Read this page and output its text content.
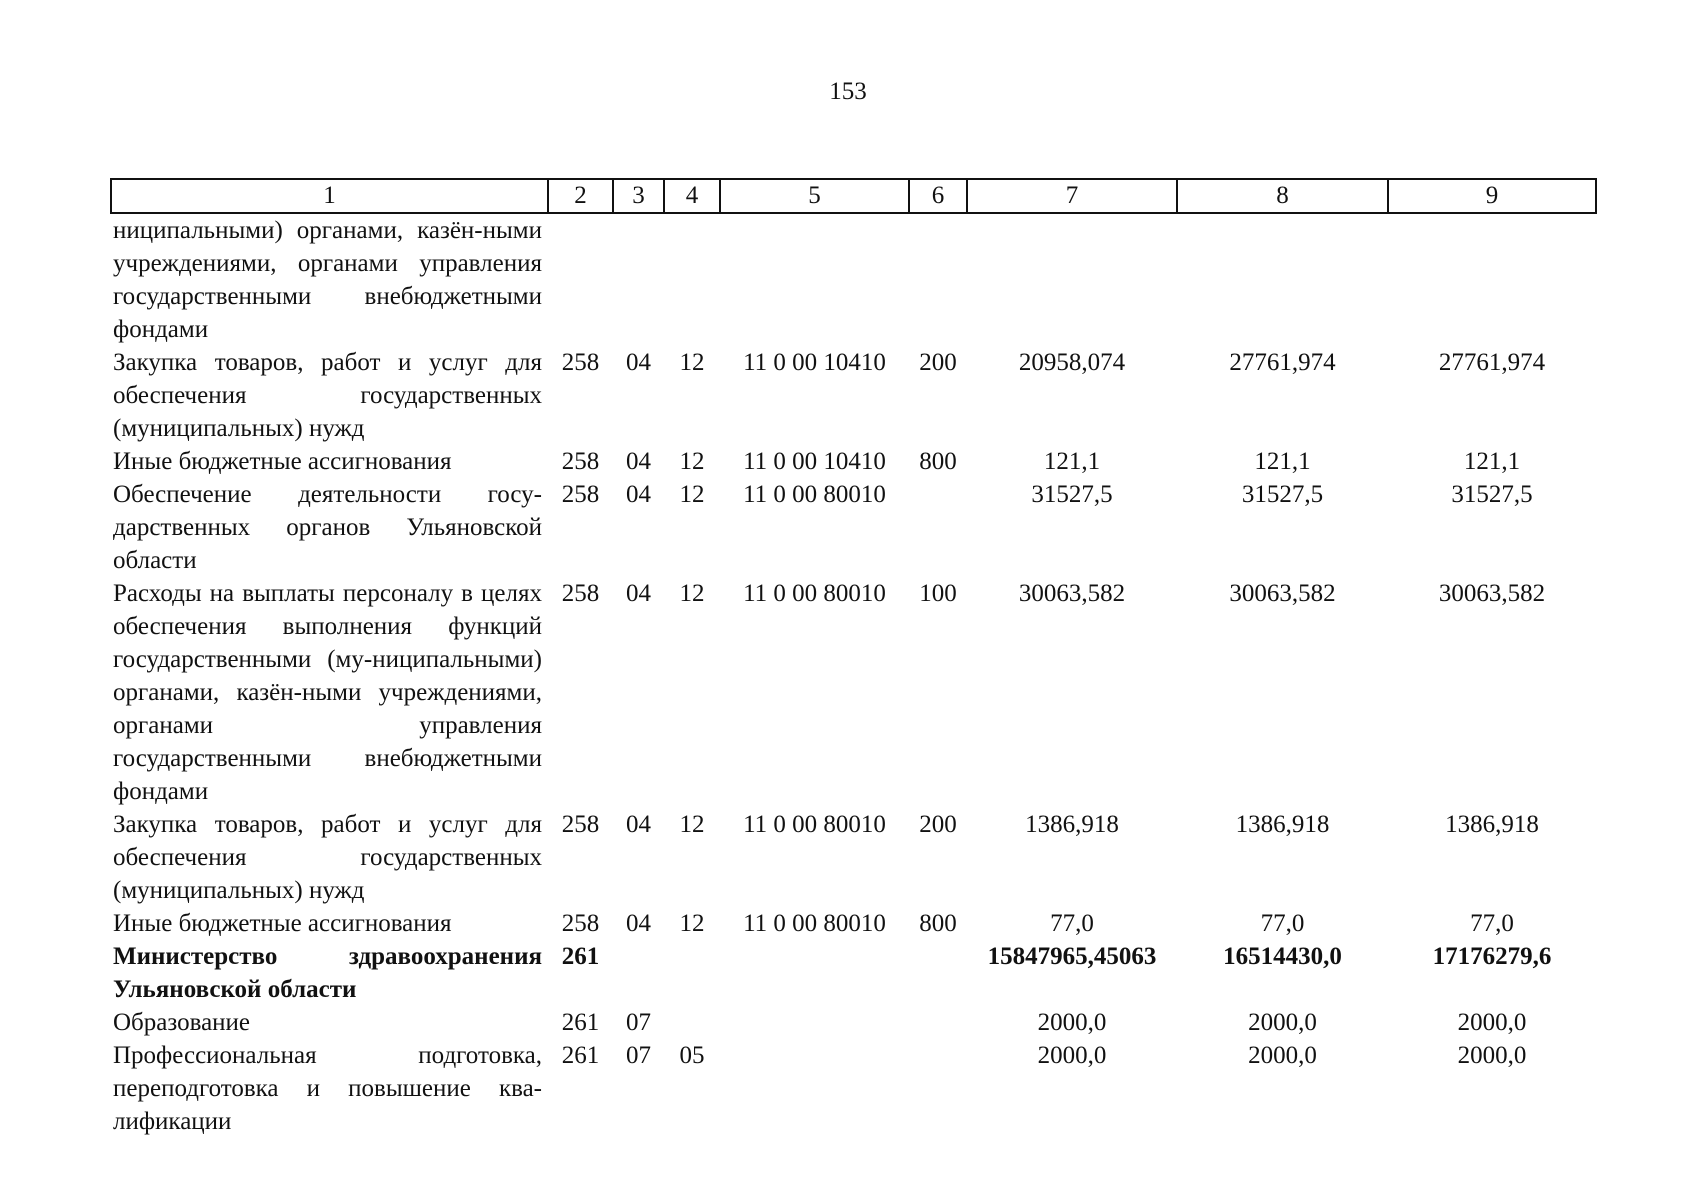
153
1	2	3	4	5	6	7	8	9
ниципальными) органами, казён-ными учреждениями, органами управления государственными внебюджетными фондами								
Закупка товаров, работ и услуг для обеспечения государственных (муниципальных) нужд	258	04	12	11 0 00 10410	200	20958,074	27761,974	27761,974
Иные бюджетные ассигнования	258	04	12	11 0 00 10410	800	121,1	121,1	121,1
Обеспечение деятельности госу-дарственных органов Ульяновской области	258	04	12	11 0 00 80010		31527,5	31527,5	31527,5
Расходы на выплаты персоналу в целях обеспечения выполнения функций государственными (му-ниципальными) органами, казён-ными учреждениями, органами управления государственными внебюджетными фондами	258	04	12	11 0 00 80010	100	30063,582	30063,582	30063,582
Закупка товаров, работ и услуг для обеспечения государственных (муниципальных) нужд	258	04	12	11 0 00 80010	200	1386,918	1386,918	1386,918
Иные бюджетные ассигнования	258	04	12	11 0 00 80010	800	77,0	77,0	77,0
Министерство здравоохранения Ульяновской области	261					15847965,45063	16514430,0	17176279,6
Образование	261	07				2000,0	2000,0	2000,0
Профессиональная подготовка, переподготовка и повышение ква-лификации	261	07	05			2000,0	2000,0	2000,0
